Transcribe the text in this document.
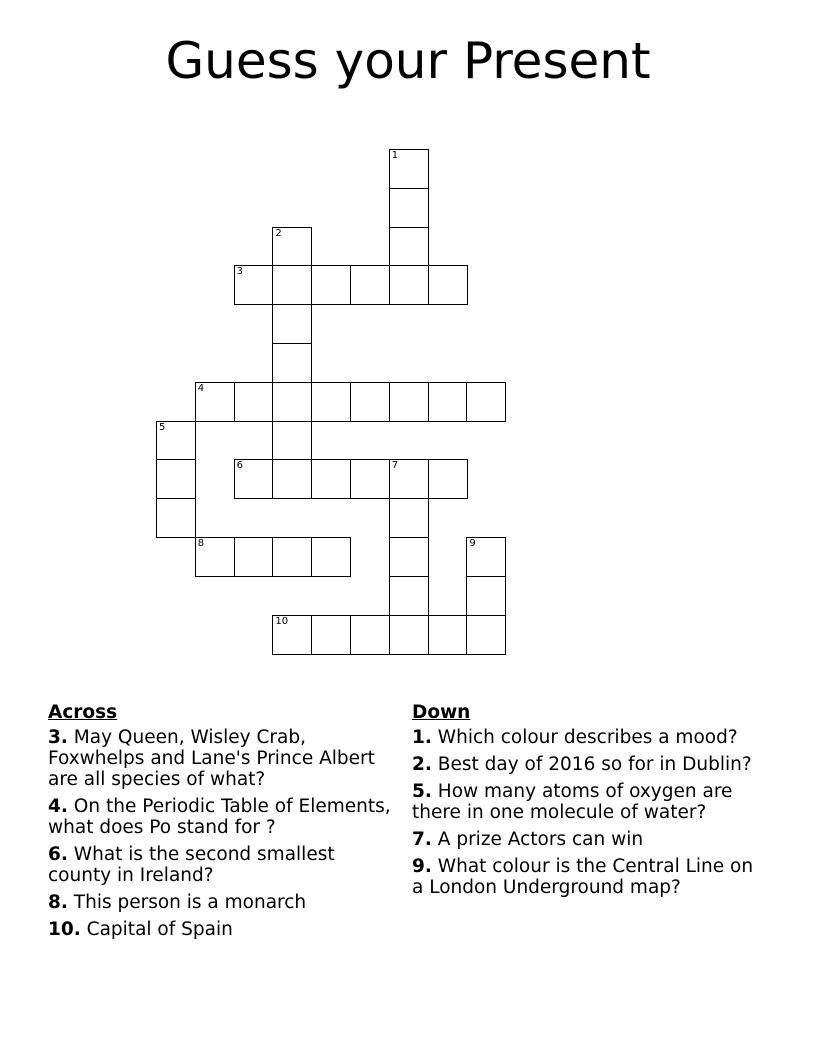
Guess your Present
1
2
3
4
5
6	7
8	9
10
Across
3. May Queen, Wisley Crab, Foxwhelps and Lane's Prince Albert are all species of what?
4. On the Periodic Table of Elements, what does Po stand for ?
6. What is the second smallest county in Ireland?
8. This person is a monarch
10. Capital of Spain
Down
1. Which colour describes a mood?
2. Best day of 2016 so for in Dublin?
5. How many atoms of oxygen are there in one molecule of water?
7. A prize Actors can win
9. What colour is the Central Line on a London Underground map?
